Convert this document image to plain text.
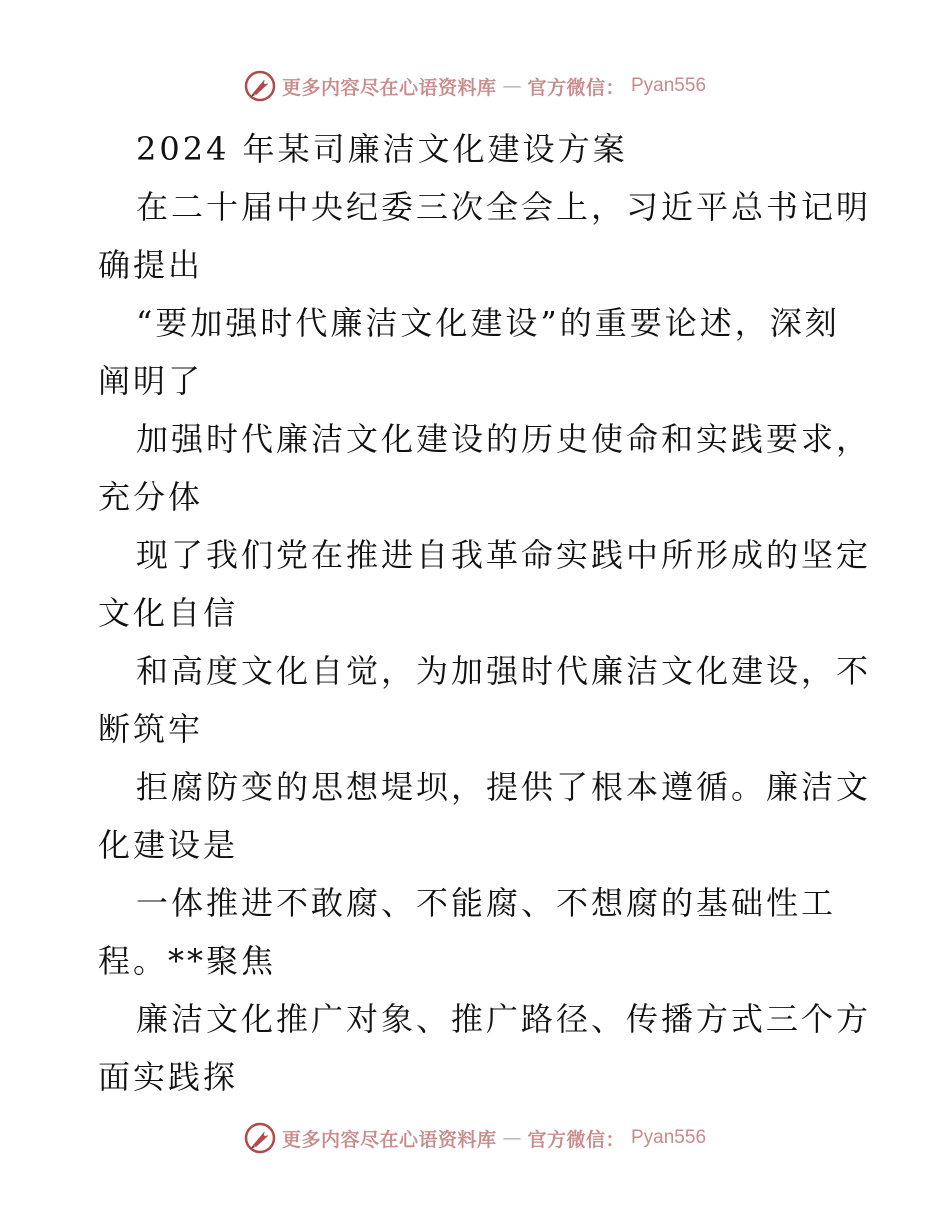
更多内容尽在心语资料库 — 官方微信： Pyan556
2024 年某司廉洁文化建设方案
在二十届中央纪委三次全会上，习近平总书记明
确提出
“要加强时代廉洁文化建设”的重要论述，深刻
阐明了
加强时代廉洁文化建设的历史使命和实践要求，
充分体
现了我们党在推进自我革命实践中所形成的坚定
文化自信
和高度文化自觉，为加强时代廉洁文化建设，不
断筑牢
拒腐防变的思想堤坝，提供了根本遵循。廉洁文
化建设是
一体推进不敢腐、不能腐、不想腐的基础性工
程。**聚焦
廉洁文化推广对象、推广路径、传播方式三个方
面实践探
更多内容尽在心语资料库 — 官方微信： Pyan556
